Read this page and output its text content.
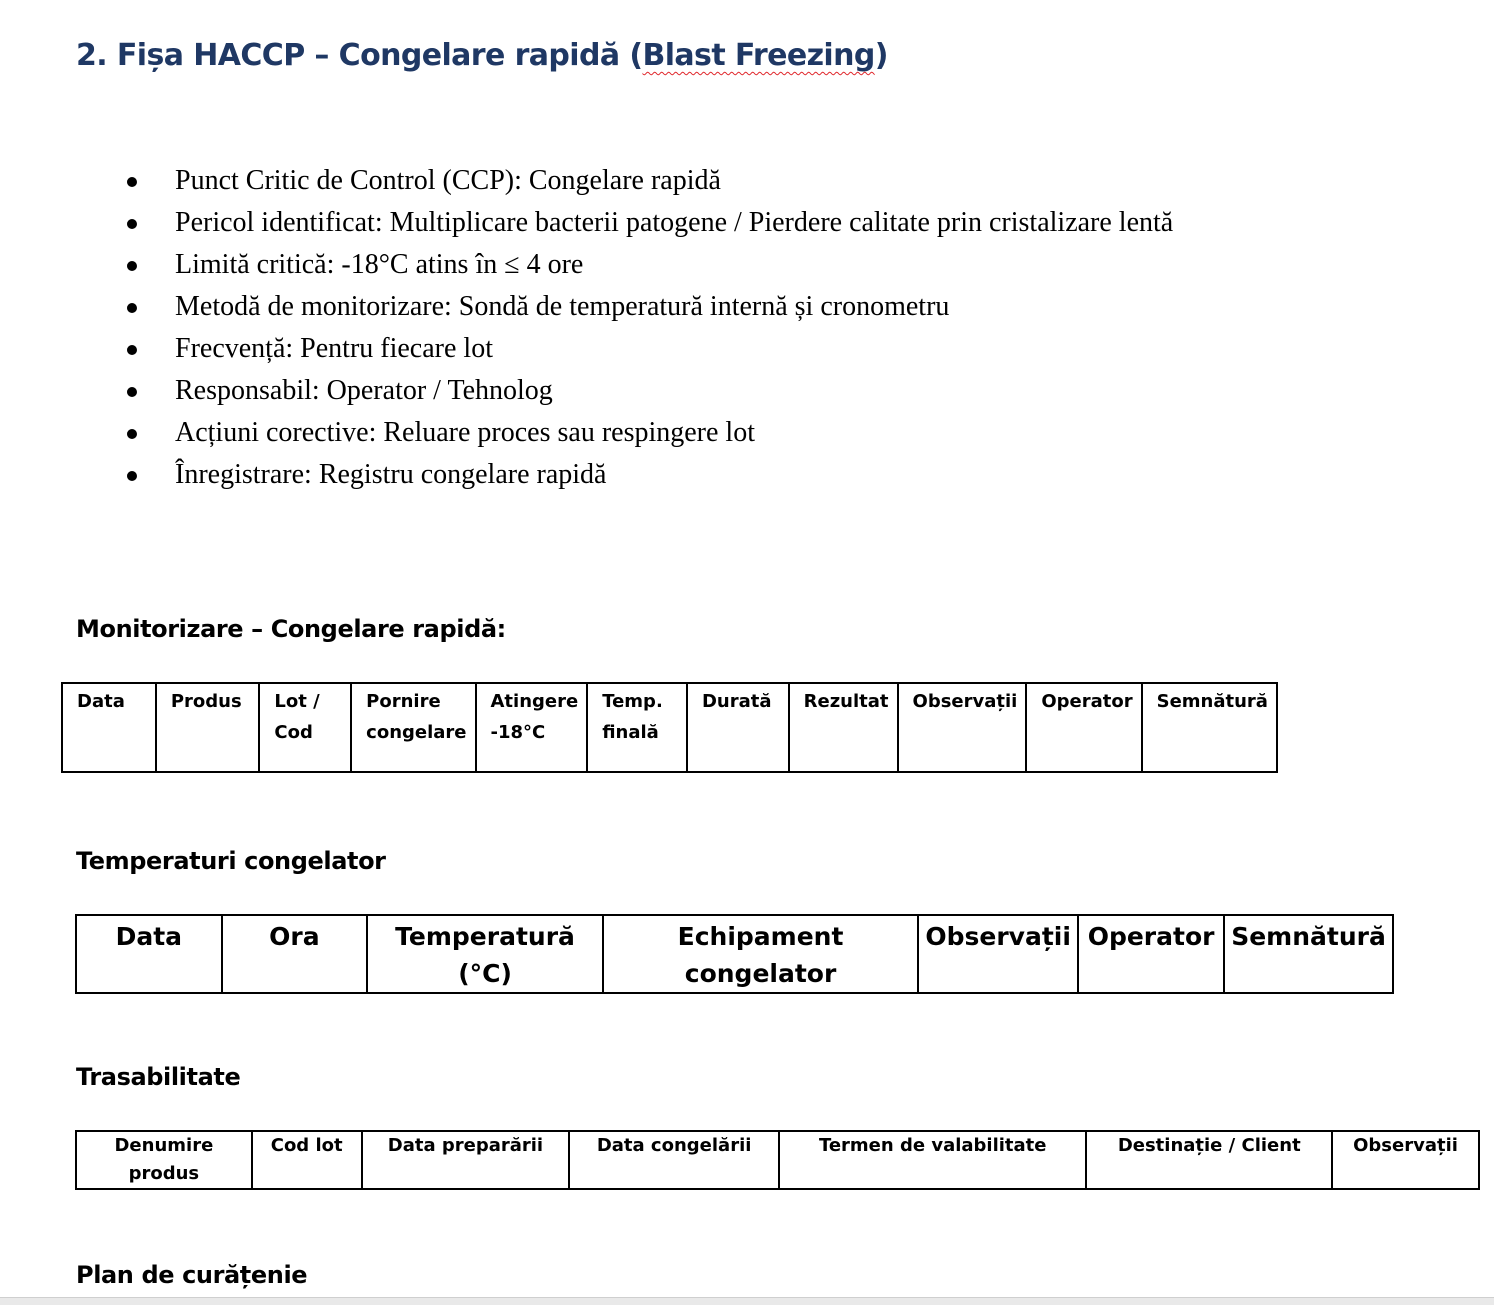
2. Fișa HACCP – Congelare rapidă (Blast Freezing)
Punct Critic de Control (CCP): Congelare rapidă
Pericol identificat: Multiplicare bacterii patogene / Pierdere calitate prin cristalizare lentă
Limită critică: -18°C atins în ≤ 4 ore
Metodă de monitorizare: Sondă de temperatură internă și cronometru
Frecvență: Pentru fiecare lot
Responsabil: Operator / Tehnolog
Acțiuni corective: Reluare proces sau respingere lot
Înregistrare: Registru congelare rapidă
Monitorizare – Congelare rapidă:
Data	Produs	Lot / Cod	Pornire congelare	Atingere -18°C	Temp. finală	Durată	Rezultat	Observații	Operator	Semnătură
Temperaturi congelator
Data	Ora	Temperatură (°C)	Echipament congelator	Observații	Operator	Semnătură
Trasabilitate
Denumire produs	Cod lot	Data preparării	Data congelării	Termen de valabilitate	Destinație / Client	Observații
Plan de curățenie
